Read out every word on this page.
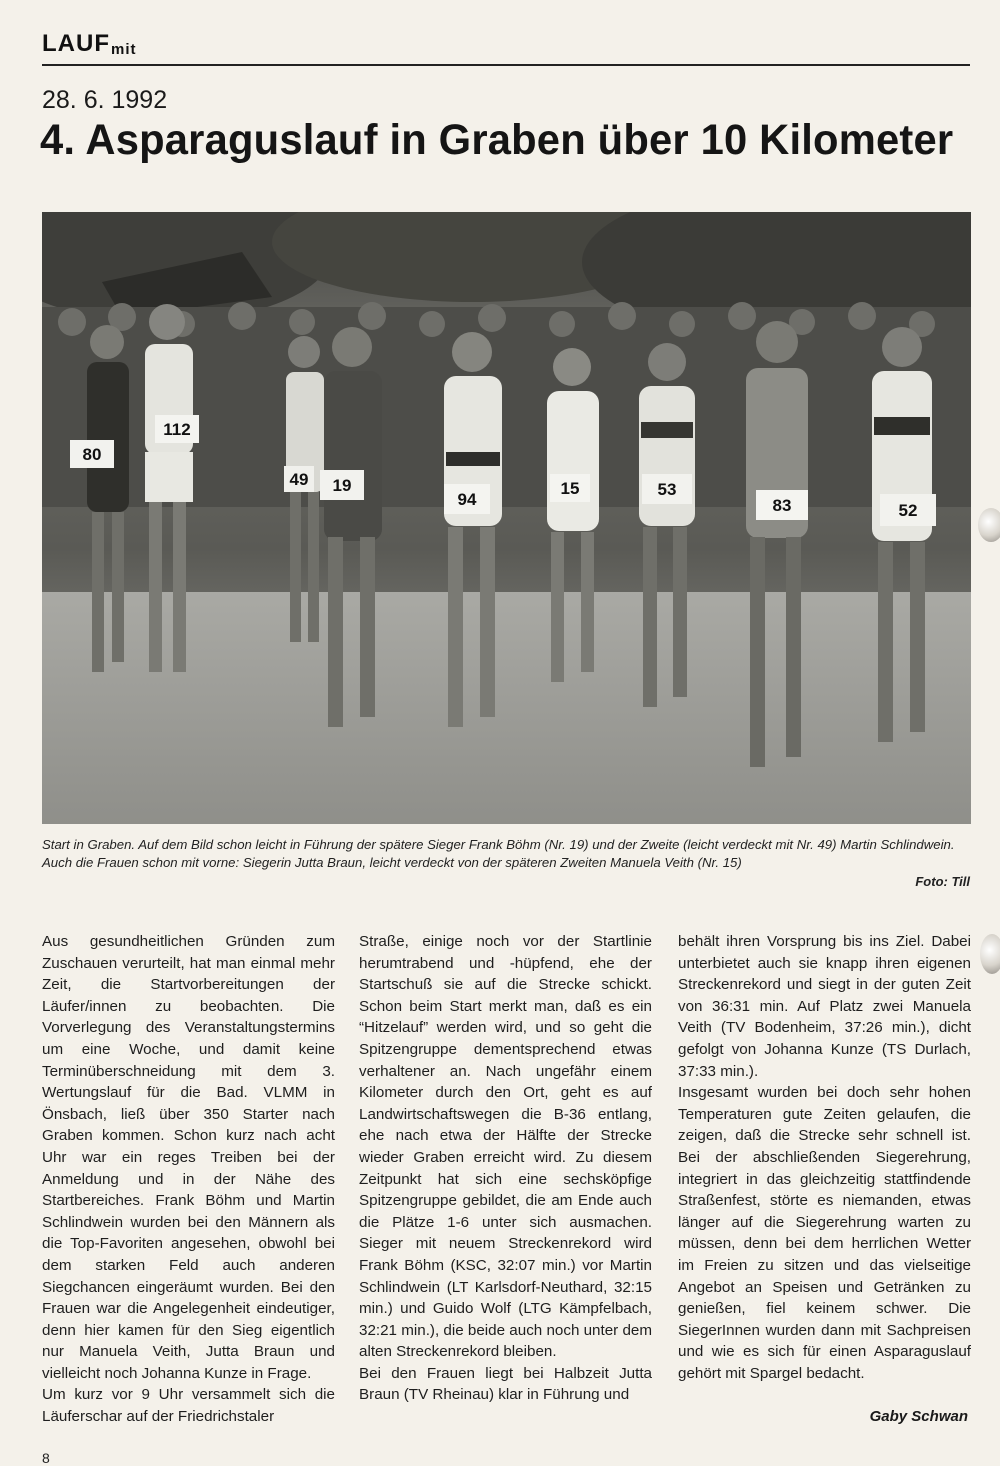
LAUFmit
28. 6. 1992
4. Asparaguslauf in Graben über 10 Kilometer
80
112
49 19
94
15	53
83	52
Start in Graben. Auf dem Bild schon leicht in Führung der spätere Sieger Frank Böhm (Nr. 19) und der Zweite (leicht verdeckt mit Nr. 49) Martin Schlindwein. Auch die Frauen schon mit vorne: Siegerin Jutta Braun, leicht verdeckt von der späteren Zweiten Manuela Veith (Nr. 15)
Foto: Till

Aus gesundheitlichen Gründen zum Zuschauen verurteilt, hat man einmal mehr Zeit, die Startvorbereitungen der Läufer/innen zu beobachten. Die Vorverlegung des Veranstaltungstermins um eine Woche, und damit keine Terminüberschneidung mit dem 3. Wertungslauf für die Bad. VLMM in Önsbach, ließ über 350 Starter nach Graben kommen. Schon kurz nach acht Uhr war ein reges Treiben bei der Anmeldung und in der Nähe des Startbereiches. Frank Böhm und Martin Schlindwein wurden bei den Männern als die Top-Favoriten angesehen, obwohl bei dem starken Feld auch anderen Siegchancen eingeräumt wurden. Bei den Frauen war die Angelegenheit eindeutiger, denn hier kamen für den Sieg eigentlich nur Manuela Veith, Jutta Braun und vielleicht noch Johanna Kunze in Frage.

Um kurz vor 9 Uhr versammelt sich die Läuferschar auf der Friedrichstaler

Straße, einige noch vor der Startlinie herumtrabend und -hüpfend, ehe der Startschuß sie auf die Strecke schickt. Schon beim Start merkt man, daß es ein “Hitzelauf” werden wird, und so geht die Spitzengruppe dementsprechend etwas verhaltener an. Nach ungefähr einem Kilometer durch den Ort, geht es auf Landwirtschaftswegen die B-36 entlang, ehe nach etwa der Hälfte der Strecke wieder Graben erreicht wird. Zu diesem Zeitpunkt hat sich eine sechsköpfige Spitzengruppe gebildet, die am Ende auch die Plätze 1-6 unter sich ausmachen. Sieger mit neuem Streckenrekord wird Frank Böhm (KSC, 32:07 min.) vor Martin Schlindwein (LT Karlsdorf-Neuthard, 32:15 min.) und Guido Wolf (LTG Kämpfelbach, 32:21 min.), die beide auch noch unter dem alten Streckenrekord bleiben.

Bei den Frauen liegt bei Halbzeit Jutta Braun (TV Rheinau) klar in Führung und

behält ihren Vorsprung bis ins Ziel. Dabei unterbietet auch sie knapp ihren eigenen Streckenrekord und siegt in der guten Zeit von 36:31 min. Auf Platz zwei Manuela Veith (TV Bodenheim, 37:26 min.), dicht gefolgt von Johanna Kunze (TS Durlach, 37:33 min.).

Insgesamt wurden bei doch sehr hohen Temperaturen gute Zeiten gelaufen, die zeigen, daß die Strecke sehr schnell ist. Bei der abschließenden Siegerehrung, integriert in das gleichzeitig stattfindende Straßenfest, störte es niemanden, etwas länger auf die Siegerehrung warten zu müssen, denn bei dem herrlichen Wetter im Freien zu sitzen und das vielseitige Angebot an Speisen und Getränken zu genießen, fiel keinem schwer. Die SiegerInnen wurden dann mit Sachpreisen und wie es sich für einen Asparaguslauf gehört mit Spargel bedacht.

Gaby Schwan
8
